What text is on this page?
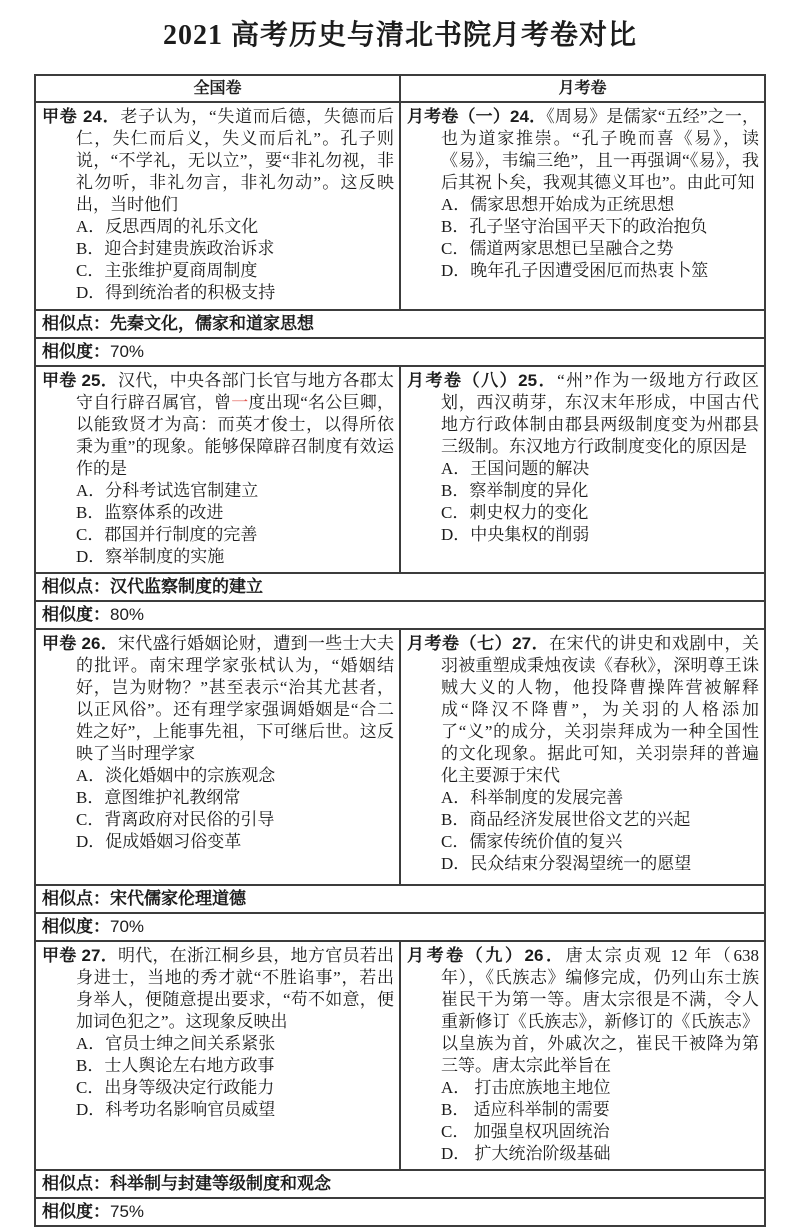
2021 高考历史与清北书院月考卷对比
全国卷	月考卷
甲卷 24．老子认为，“失道而后德，失德而后仁，失仁而后义，失义而后礼”。孔子则说，“不学礼，无以立”，要“非礼勿视，非礼勿听，非礼勿言，非礼勿动”。这反映出，当时他们
A．反思西周的礼乐文化
B．迎合封建贵族政治诉求
C．主张维护夏商周制度
D．得到统治者的积极支持
月考卷（一）24．《周易》是儒家“五经”之一，也为道家推崇。“孔子晚而喜《易》，读《易》，韦编三绝”，且一再强调“《易》，我后其祝卜矣，我观其德义耳也”。由此可知
A．儒家思想开始成为正统思想
B．孔子坚守治国平天下的政治抱负
C．儒道两家思想已呈融合之势
D．晚年孔子因遭受困厄而热衷卜筮
相似点：先秦文化，儒家和道家思想
相似度：70%
甲卷 25．汉代，中央各部门长官与地方各郡太守自行辟召属官，曾一度出现“名公巨卿，以能致贤才为高：而英才俊士，以得所依秉为重”的现象。能够保障辟召制度有效运作的是
A．分科考试选官制建立
B．监察体系的改进
C．郡国并行制度的完善
D．察举制度的实施
月考卷（八）25．“州”作为一级地方行政区划，西汉萌芽，东汉末年形成，中国古代地方行政体制由郡县两级制度变为州郡县三级制。东汉地方行政制度变化的原因是
A．王国问题的解决
B．察举制度的异化
C．刺史权力的变化
D．中央集权的削弱
相似点：汉代监察制度的建立
相似度：80%
甲卷 26．宋代盛行婚姻论财，遭到一些士大夫的批评。南宋理学家张栻认为，“婚姻结好，岂为财物？”甚至表示“治其尤甚者，以正风俗”。还有理学家强调婚姻是“合二姓之好”，上能事先祖，下可继后世。这反映了当时理学家
A．淡化婚姻中的宗族观念
B．意图维护礼教纲常
C．背离政府对民俗的引导
D．促成婚姻习俗变革
月考卷（七）27．在宋代的讲史和戏剧中，关羽被重塑成秉烛夜读《春秋》，深明尊王诛贼大义的人物，他投降曹操阵营被解释成“降汉不降曹”，为关羽的人格添加了“义”的成分，关羽崇拜成为一种全国性的文化现象。据此可知，关羽崇拜的普遍化主要源于宋代
A．科举制度的发展完善
B．商品经济发展世俗文艺的兴起
C．儒家传统价值的复兴
D．民众结束分裂渴望统一的愿望
相似点：宋代儒家伦理道德
相似度：70%
甲卷 27．明代，在浙江桐乡县，地方官员若出身进士，当地的秀才就“不胜谄事”，若出身举人，便随意提出要求，“苟不如意，便加词色犯之”。这现象反映出
A．官员士绅之间关系紧张
B．士人舆论左右地方政事
C．出身等级决定行政能力
D．科考功名影响官员威望
月考卷（九）26．唐太宗贞观 12 年（638 年），《氏族志》编修完成，仍列山东士族崔民干为第一等。唐太宗很是不满，令人重新修订《氏族志》，新修订的《氏族志》以皇族为首，外戚次之，崔民干被降为第三等。唐太宗此举旨在
A． 打击庶族地主地位
B． 适应科举制的需要
C． 加强皇权巩固统治
D． 扩大统治阶级基础
相似点：科举制与封建等级制度和观念
相似度：75%
